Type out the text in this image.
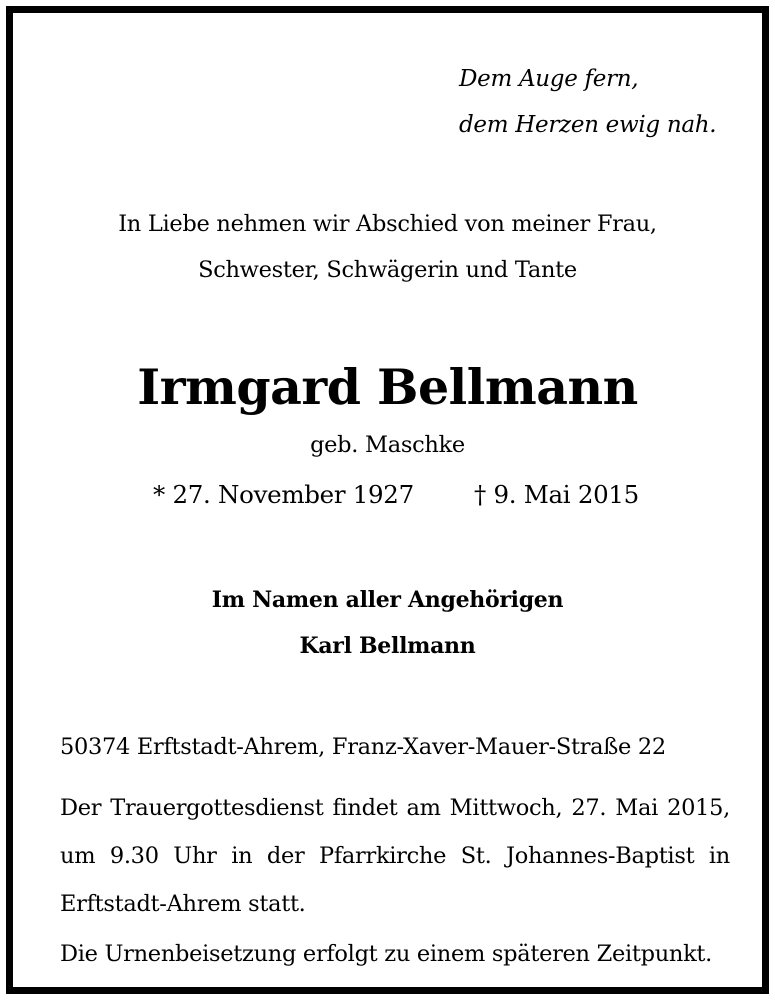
Dem Auge fern,
dem Herzen ewig nah.
In Liebe nehmen wir Abschied von meiner Frau,
Schwester, Schwägerin und Tante
Irmgard Bellmann
geb. Maschke
* 27. November 1927 † 9. Mai 2015
Im Namen aller Angehörigen
Karl Bellmann
50374 Erftstadt-Ahrem, Franz-Xaver-Mauer-Straße 22
Der Trauergottesdienst findet am Mittwoch, 27. Mai 2015,
um 9.30 Uhr in der Pfarrkirche St. Johannes-Baptist in
Erftstadt-Ahrem statt.
Die Urnenbeisetzung erfolgt zu einem späteren Zeitpunkt.
